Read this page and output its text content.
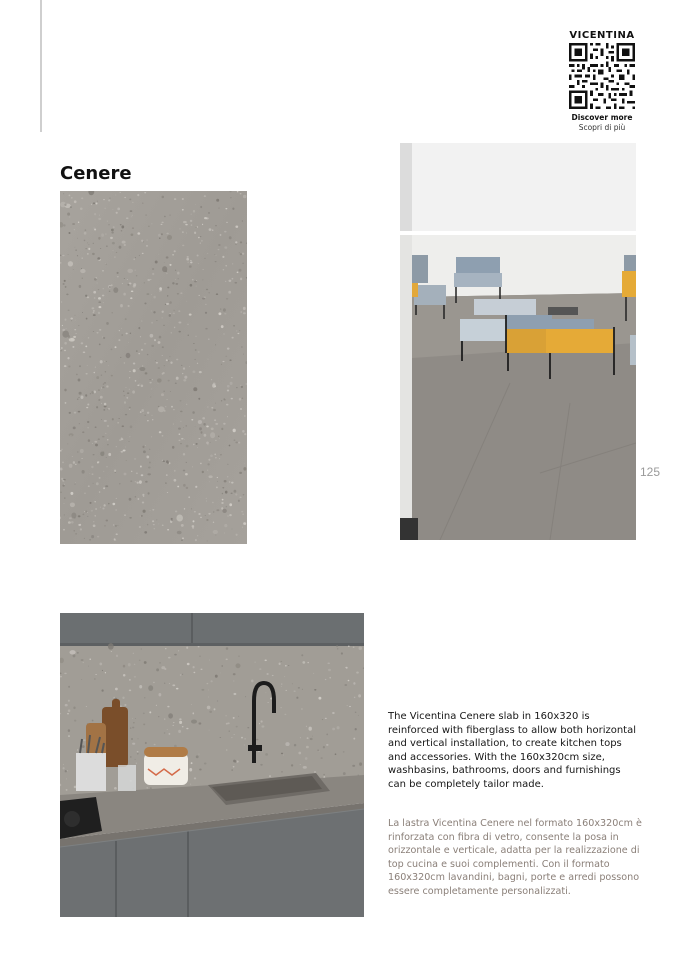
VICENTINA
Discover more
Scopri di più
Cenere
125

The Vicentina Cenere slab in 160x320 is reinforced with fiberglass to allow both horizontal and vertical installation, to create kitchen tops and accessories. With the 160x320cm size, washbasins, bathrooms, doors and furnishings can be completely tailor made.

La lastra Vicentina Cenere nel formato 160x320cm è rinforzata con fibra di vetro, consente la posa in orizzontale e verticale, adatta per la realizzazione di top cucina e suoi complementi. Con il formato 160x320cm lavandini, bagni, porte e arredi possono essere completamente personalizzati.
